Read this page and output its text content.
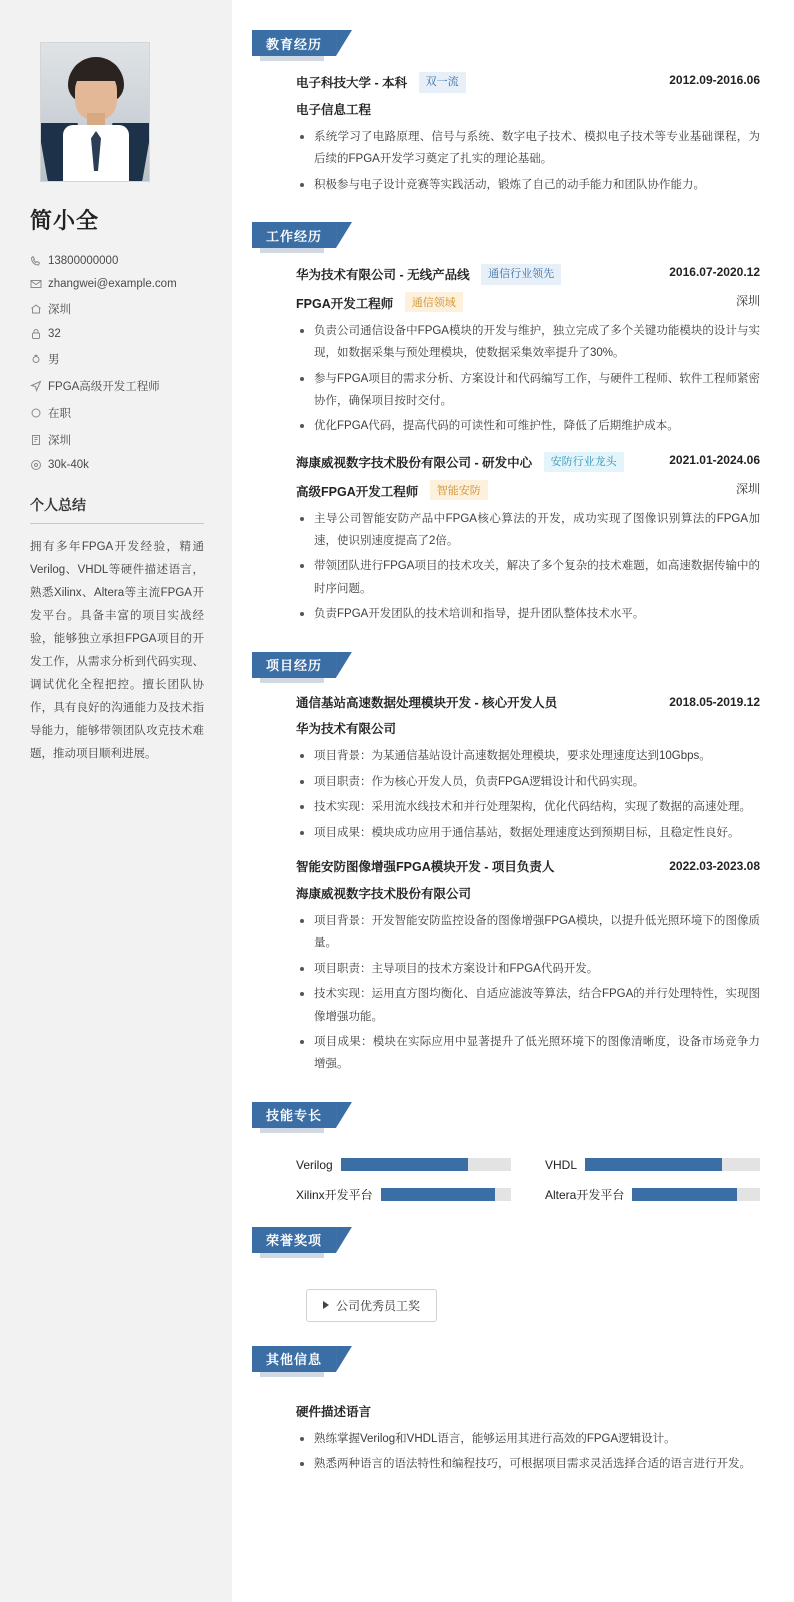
简小全
13800000000
zhangwei@example.com
深圳
32
男
FPGA高级开发工程师
在职
深圳
30k-40k
个人总结
拥有多年FPGA开发经验，精通Verilog、VHDL等硬件描述语言，熟悉Xilinx、Altera等主流FPGA开发平台。具备丰富的项目实战经验，能够独立承担FPGA项目的开发工作，从需求分析到代码实现、调试优化全程把控。擅长团队协作，具有良好的沟通能力及技术指导能力，能够带领团队攻克技术难题，推动项目顺利进展。
教育经历
电子科技大学 - 本科 双一流	2012.09-2016.06
电子信息工程
系统学习了电路原理、信号与系统、数字电子技术、模拟电子技术等专业基础课程，为后续的FPGA开发学习奠定了扎实的理论基础。
积极参与电子设计竞赛等实践活动，锻炼了自己的动手能力和团队协作能力。
工作经历
华为技术有限公司 - 无线产品线 通信行业领先	2016.07-2020.12
FPGA开发工程师 通信领域	深圳
负责公司通信设备中FPGA模块的开发与维护，独立完成了多个关键功能模块的设计与实现，如数据采集与预处理模块，使数据采集效率提升了30%。
参与FPGA项目的需求分析、方案设计和代码编写工作，与硬件工程师、软件工程师紧密协作，确保项目按时交付。
优化FPGA代码，提高代码的可读性和可维护性，降低了后期维护成本。
海康威视数字技术股份有限公司 - 研发中心 安防行业龙头	2021.01-2024.06
高级FPGA开发工程师 智能安防	深圳
主导公司智能安防产品中FPGA核心算法的开发，成功实现了图像识别算法的FPGA加速，使识别速度提高了2倍。
带领团队进行FPGA项目的技术攻关，解决了多个复杂的技术难题，如高速数据传输中的时序问题。
负责FPGA开发团队的技术培训和指导，提升团队整体技术水平。
项目经历
通信基站高速数据处理模块开发 - 核心开发人员	2018.05-2019.12
华为技术有限公司
项目背景：为某通信基站设计高速数据处理模块，要求处理速度达到10Gbps。
项目职责：作为核心开发人员，负责FPGA逻辑设计和代码实现。
技术实现：采用流水线技术和并行处理架构，优化代码结构，实现了数据的高速处理。
项目成果：模块成功应用于通信基站，数据处理速度达到预期目标，且稳定性良好。
智能安防图像增强FPGA模块开发 - 项目负责人	2022.03-2023.08
海康威视数字技术股份有限公司
项目背景：开发智能安防监控设备的图像增强FPGA模块，以提升低光照环境下的图像质量。
项目职责：主导项目的技术方案设计和FPGA代码开发。
技术实现：运用直方图均衡化、自适应滤波等算法，结合FPGA的并行处理特性，实现图像增强功能。
项目成果：模块在实际应用中显著提升了低光照环境下的图像清晰度，设备市场竞争力增强。
技能专长
Verilog	VHDL
Xilinx开发平台	Altera开发平台
荣誉奖项
公司优秀员工奖
其他信息
硬件描述语言
熟练掌握Verilog和VHDL语言，能够运用其进行高效的FPGA逻辑设计。
熟悉两种语言的语法特性和编程技巧，可根据项目需求灵活选择合适的语言进行开发。
